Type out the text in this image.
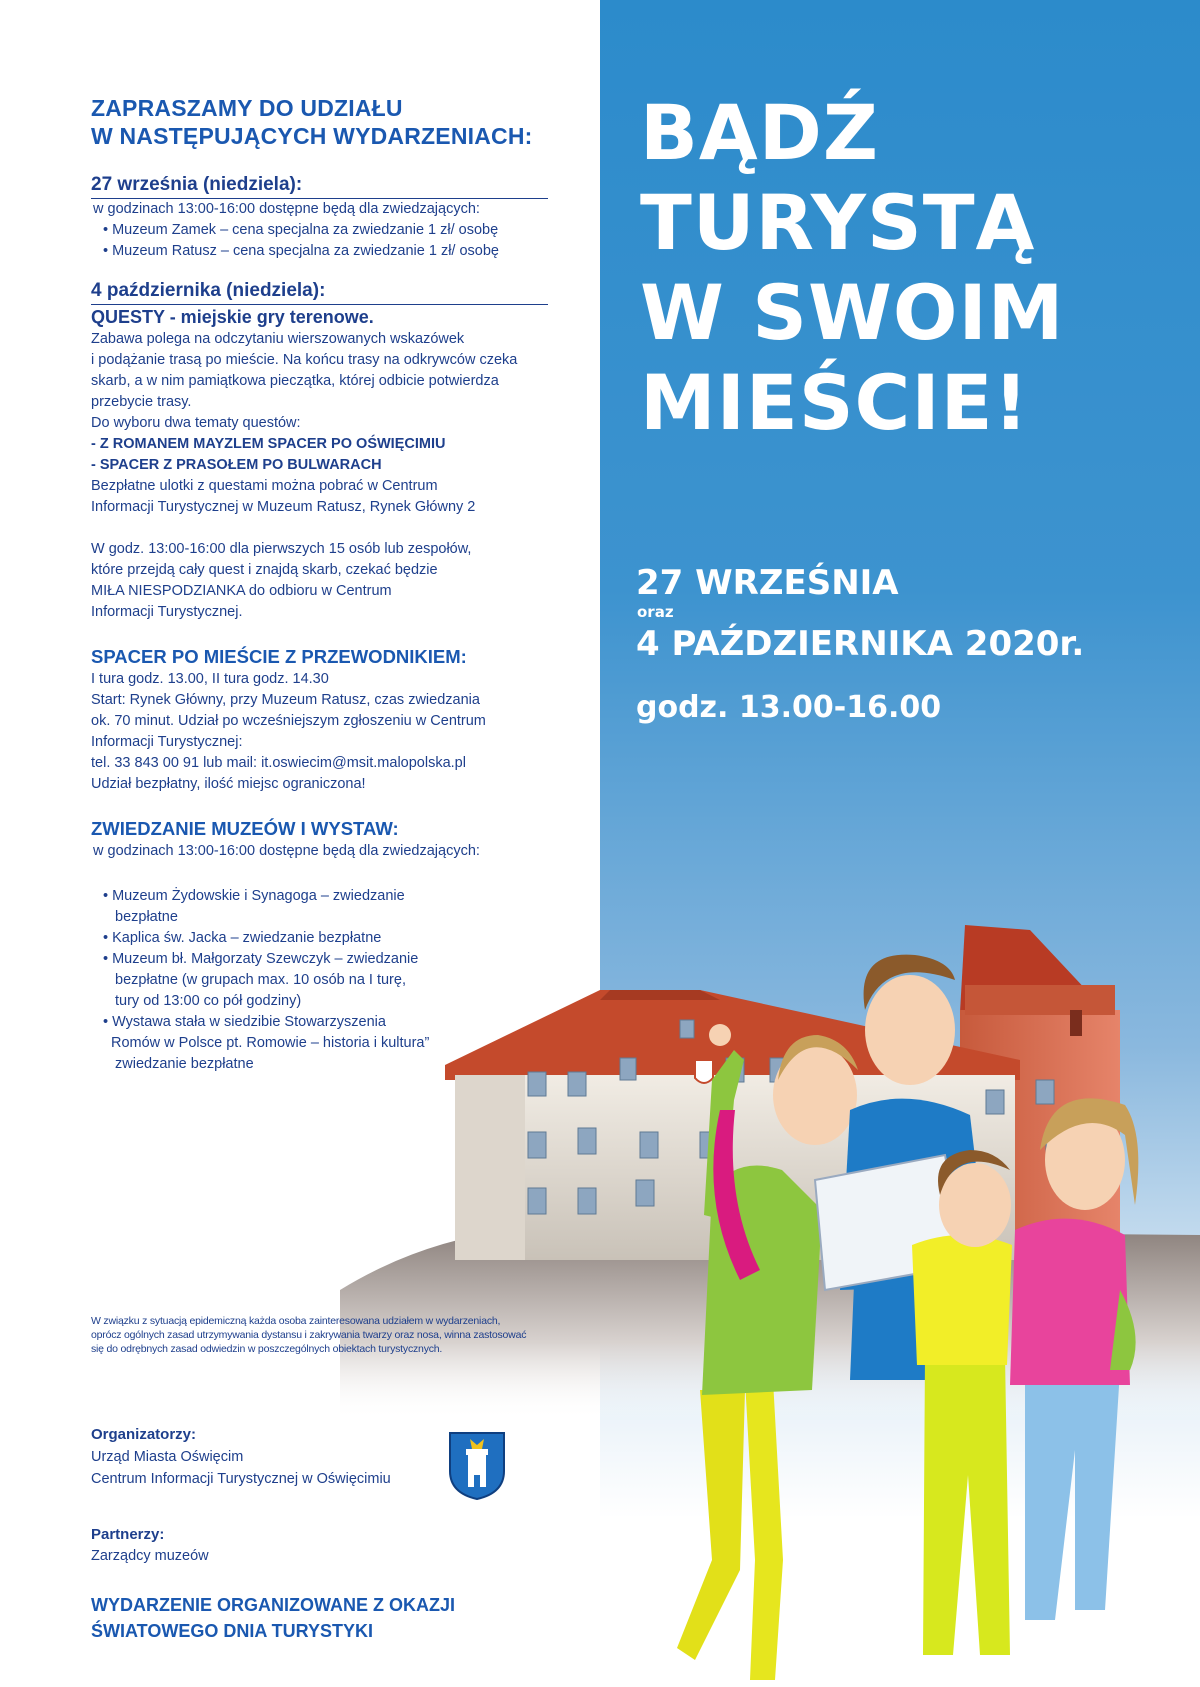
ZAPRASZAMY DO UDZIAŁU
W NASTĘPUJĄCYCH WYDARZENIACH:
27 września (niedziela):
w godzinach 13:00-16:00 dostępne będą dla zwiedzających:
• Muzeum Zamek – cena specjalna za zwiedzanie 1 zł/ osobę
• Muzeum Ratusz – cena specjalna za zwiedzanie 1 zł/ osobę
4 października (niedziela):
QUESTY - miejskie gry terenowe.
Zabawa polega na odczytaniu wierszowanych wskazówek
i podążanie trasą po mieście. Na końcu trasy na odkrywców czeka
skarb, a w nim pamiątkowa pieczątka, której odbicie potwierdza
przebycie trasy.
Do wyboru dwa tematy questów:
- Z ROMANEM MAYZLEM SPACER PO OŚWIĘCIMIU
- SPACER Z PRASOŁEM PO BULWARACH
Bezpłatne ulotki z questami można pobrać w Centrum
Informacji Turystycznej w Muzeum Ratusz, Rynek Główny 2
W godz. 13:00-16:00 dla pierwszych 15 osób lub zespołów,
które przejdą cały quest i znajdą skarb, czekać będzie
MIŁA NIESPODZIANKA do odbioru w Centrum
Informacji Turystycznej.
SPACER PO MIEŚCIE Z PRZEWODNIKIEM:
I tura godz. 13.00, II tura godz. 14.30
Start: Rynek Główny, przy Muzeum Ratusz, czas zwiedzania
ok. 70 minut. Udział po wcześniejszym zgłoszeniu w Centrum
Informacji Turystycznej:
tel. 33 843 00 91 lub mail: it.oswiecim@msit.malopolska.pl
Udział bezpłatny, ilość miejsc ograniczona!
ZWIEDZANIE MUZEÓW I WYSTAW:
w godzinach 13:00-16:00 dostępne będą dla zwiedzających:
• Muzeum Żydowskie i Synagoga – zwiedzanie
bezpłatne
• Kaplica św. Jacka – zwiedzanie bezpłatne
• Muzeum bł. Małgorzaty Szewczyk – zwiedzanie
bezpłatne (w grupach max. 10 osób na I turę,
tury od 13:00 co pół godziny)
• Wystawa stała w siedzibie Stowarzyszenia
Romów w Polsce pt. Romowie – historia i kultura”
zwiedzanie bezpłatne
W związku z sytuacją epidemiczną każda osoba zainteresowana udziałem w wydarzeniach,
oprócz ogólnych zasad utrzymywania dystansu i zakrywania twarzy oraz nosa, winna zastosować
się do odrębnych zasad odwiedzin w poszczególnych obiektach turystycznych.
Organizatorzy:
Urząd Miasta Oświęcim
Centrum Informacji Turystycznej w Oświęcimiu
Partnerzy:
Zarządcy muzeów
WYDARZENIE ORGANIZOWANE Z OKAZJI
ŚWIATOWEGO DNIA TURYSTYKI
BĄDŹ
TURYSTĄ
W SWOIM
MIEŚCIE!
27 WRZEŚNIA
oraz
4 PAŹDZIERNIKA 2020r.
godz. 13.00-16.00
